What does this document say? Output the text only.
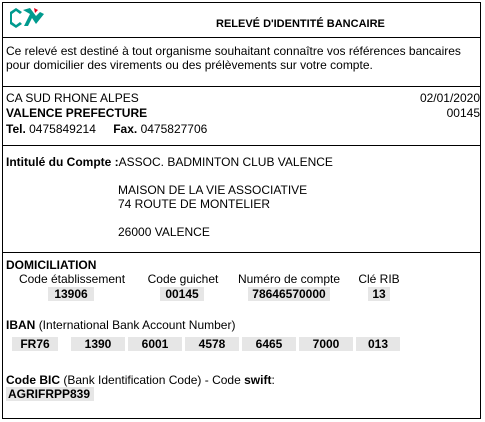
RELEVÉ D'IDENTITÉ BANCAIRE
Ce relevé est destiné à tout organisme souhaitant connaître vos références bancaires
pour domicilier des virements ou des prélèvements sur votre compte.
CA SUD RHONE ALPES	02/01/2020
VALENCE PREFECTURE	00145
Tel. 0475849214 Fax. 0475827706
Intitulé du Compte :ASSOC. BADMINTON CLUB VALENCE
MAISON DE LA VIE ASSOCIATIVE
74 ROUTE DE MONTELIER
26000 VALENCE
DOMICILIATION
Code établissement	Code guichet	Numéro de compte	Clé RIB
13906	00145	78646570000	13
IBAN (International Bank Account Number)
FR76	1390	6001	4578	6465	7000	013
Code BIC (Bank Identification Code) - Code swift:
AGRIFRPP839
